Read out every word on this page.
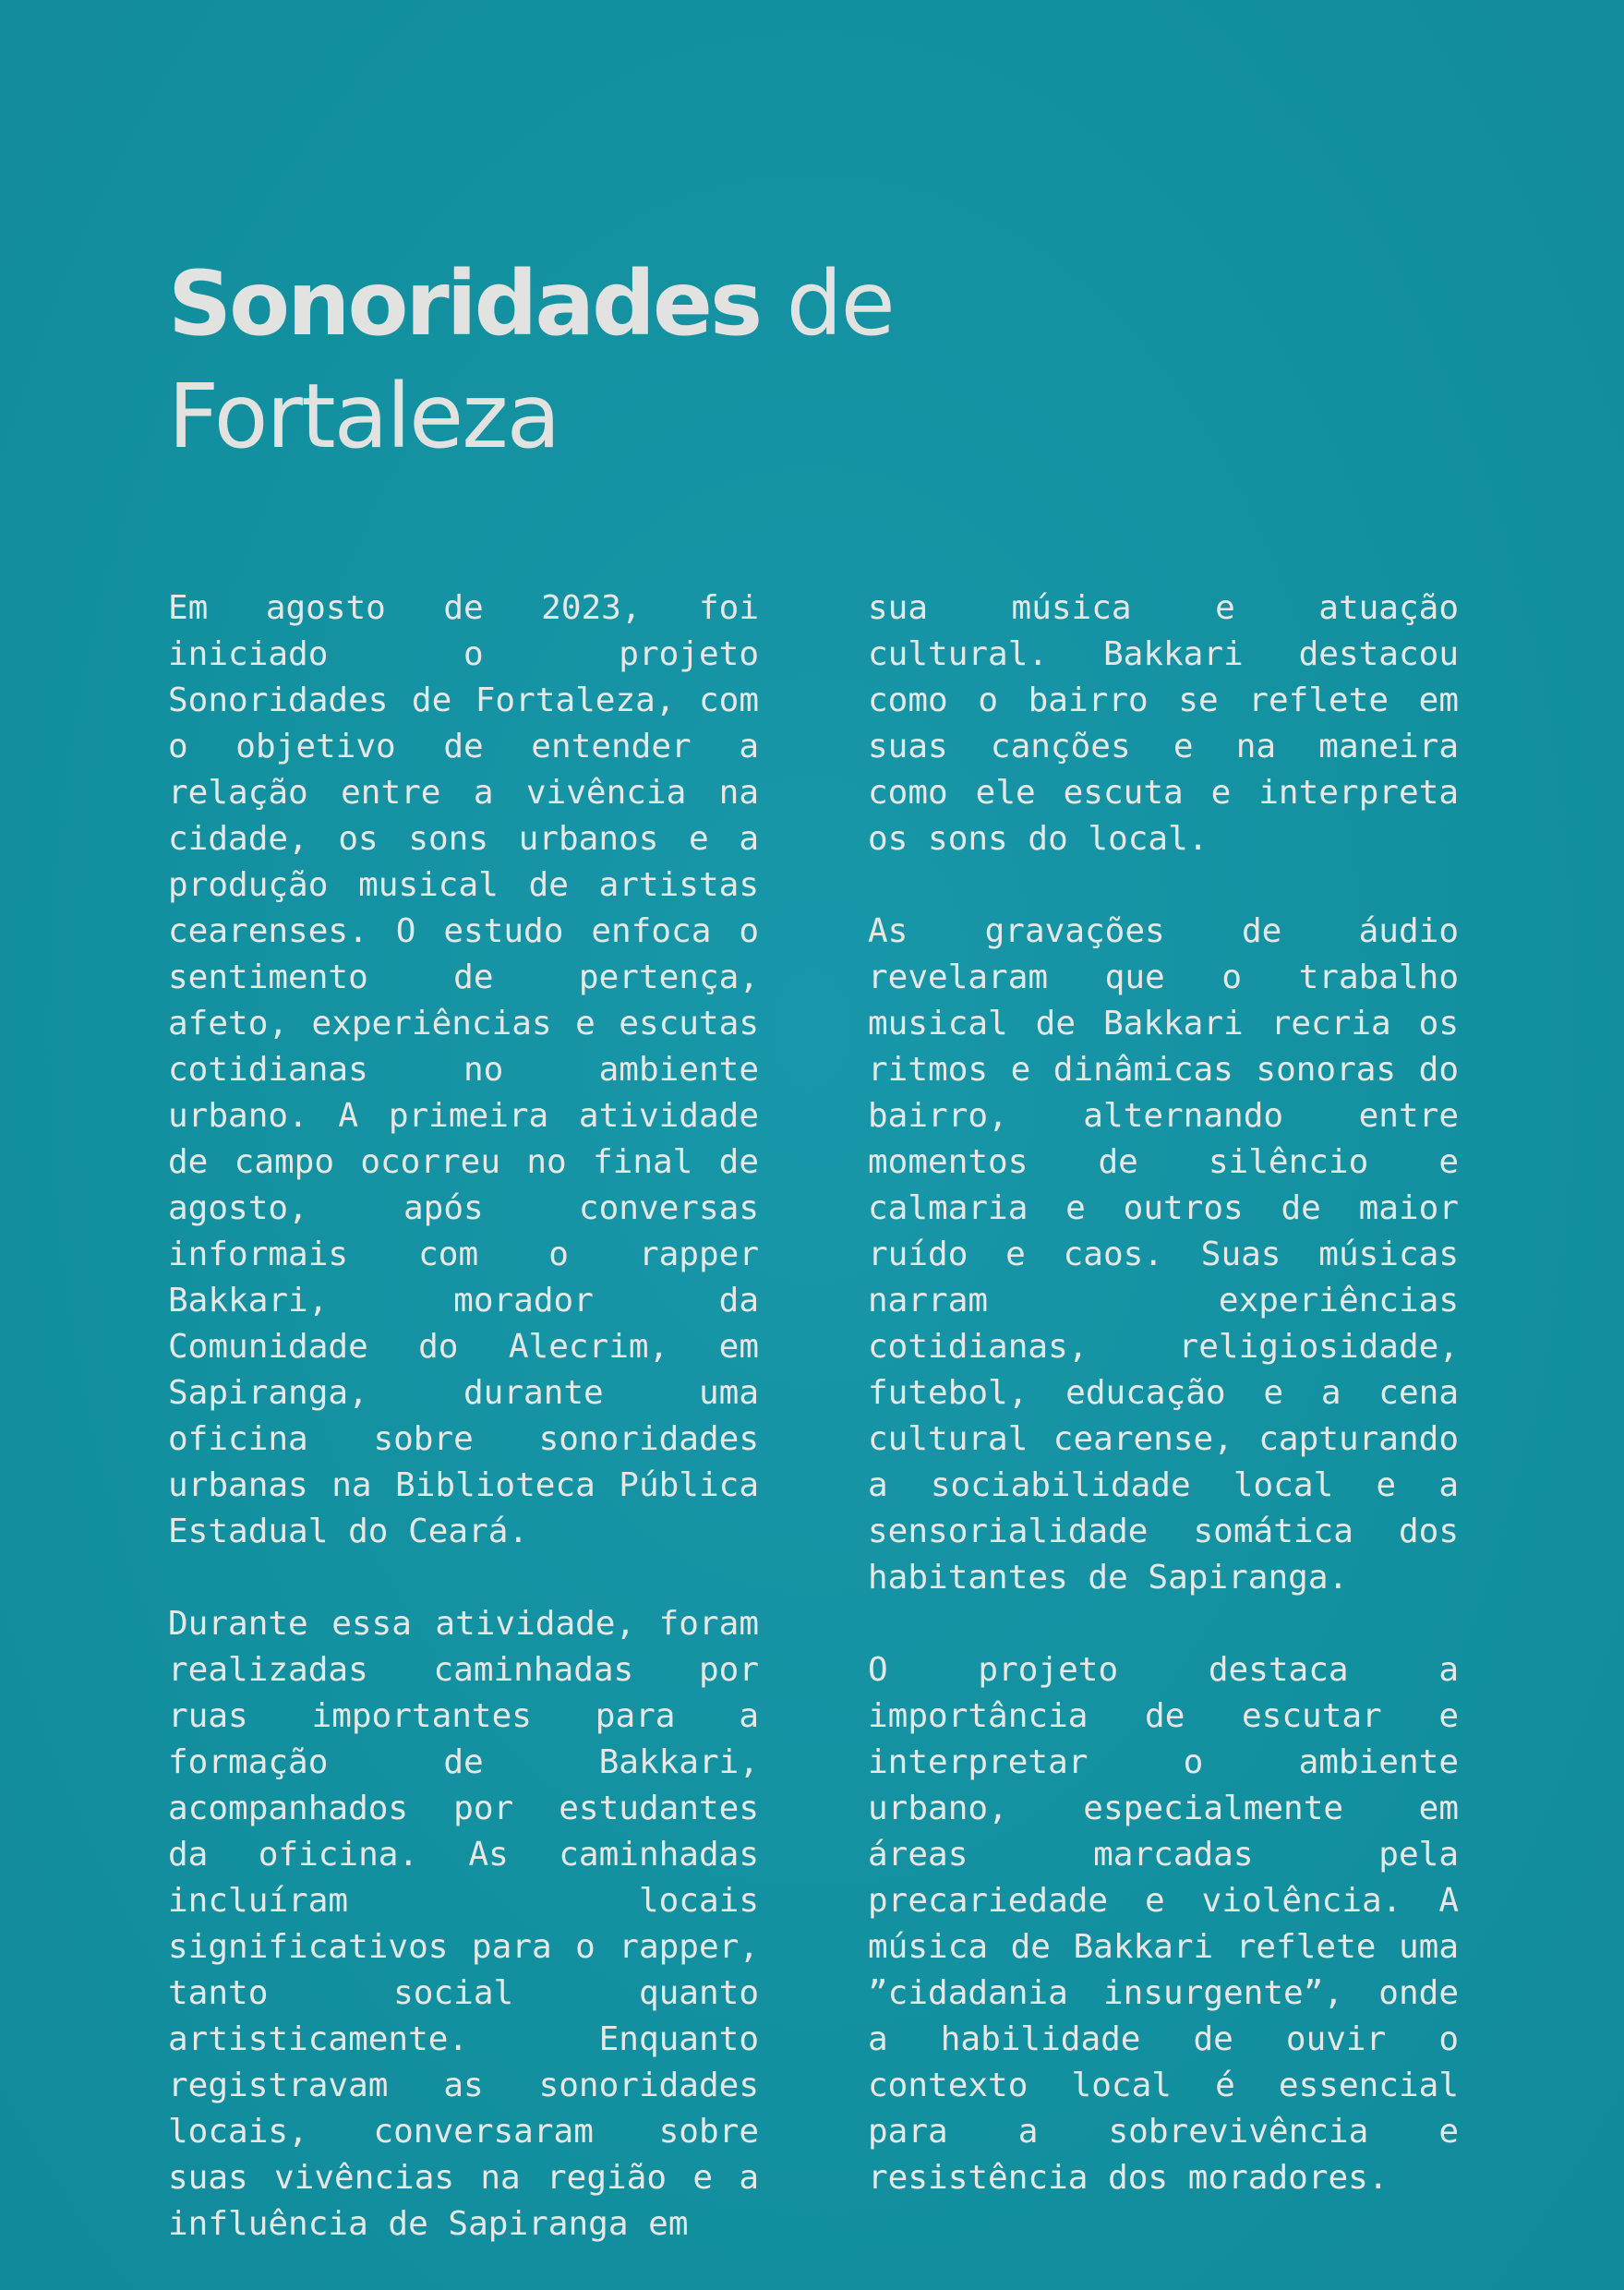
Sonoridades de
Fortaleza

Em agosto de 2023, foi iniciado o projeto Sonoridades de Fortaleza, com o objetivo de entender a relação entre a vivência na cidade, os sons urbanos e a produção musical de artistas cearenses. O estudo enfoca o sentimento de pertença, afeto, experiências e escutas cotidianas no ambiente urbano. A primeira atividade de campo ocorreu no final de agosto, após conversas informais com o rapper Bakkari, morador da Comunidade do Alecrim, em Sapiranga, durante uma oficina sobre sonoridades urbanas na Biblioteca Pública Estadual do Ceará.

Durante essa atividade, foram realizadas caminhadas por ruas importantes para a formação de Bakkari, acompanhados por estudantes da oficina. As caminhadas incluíram locais significativos para o rapper, tanto social quanto artisticamente. Enquanto registravam as sonoridades locais, conversaram sobre suas vivências na região e a influência de Sapiranga em

sua música e atuação cultural. Bakkari destacou como o bairro se reflete em suas canções e na maneira como ele escuta e interpreta os sons do local.

As gravações de áudio revelaram que o trabalho musical de Bakkari recria os ritmos e dinâmicas sonoras do bairro, alternando entre momentos de silêncio e calmaria e outros de maior ruído e caos. Suas músicas narram experiências cotidianas, religiosidade, futebol, educação e a cena cultural cearense, capturando a sociabilidade local e a sensorialidade somática dos habitantes de Sapiranga.

O projeto destaca a importância de escutar e interpretar o ambiente urbano, especialmente em áreas marcadas pela precariedade e violência. A música de Bakkari reflete uma ”cidadania insurgente”, onde a habilidade de ouvir o contexto local é essencial para a sobrevivência e resistência dos moradores.
